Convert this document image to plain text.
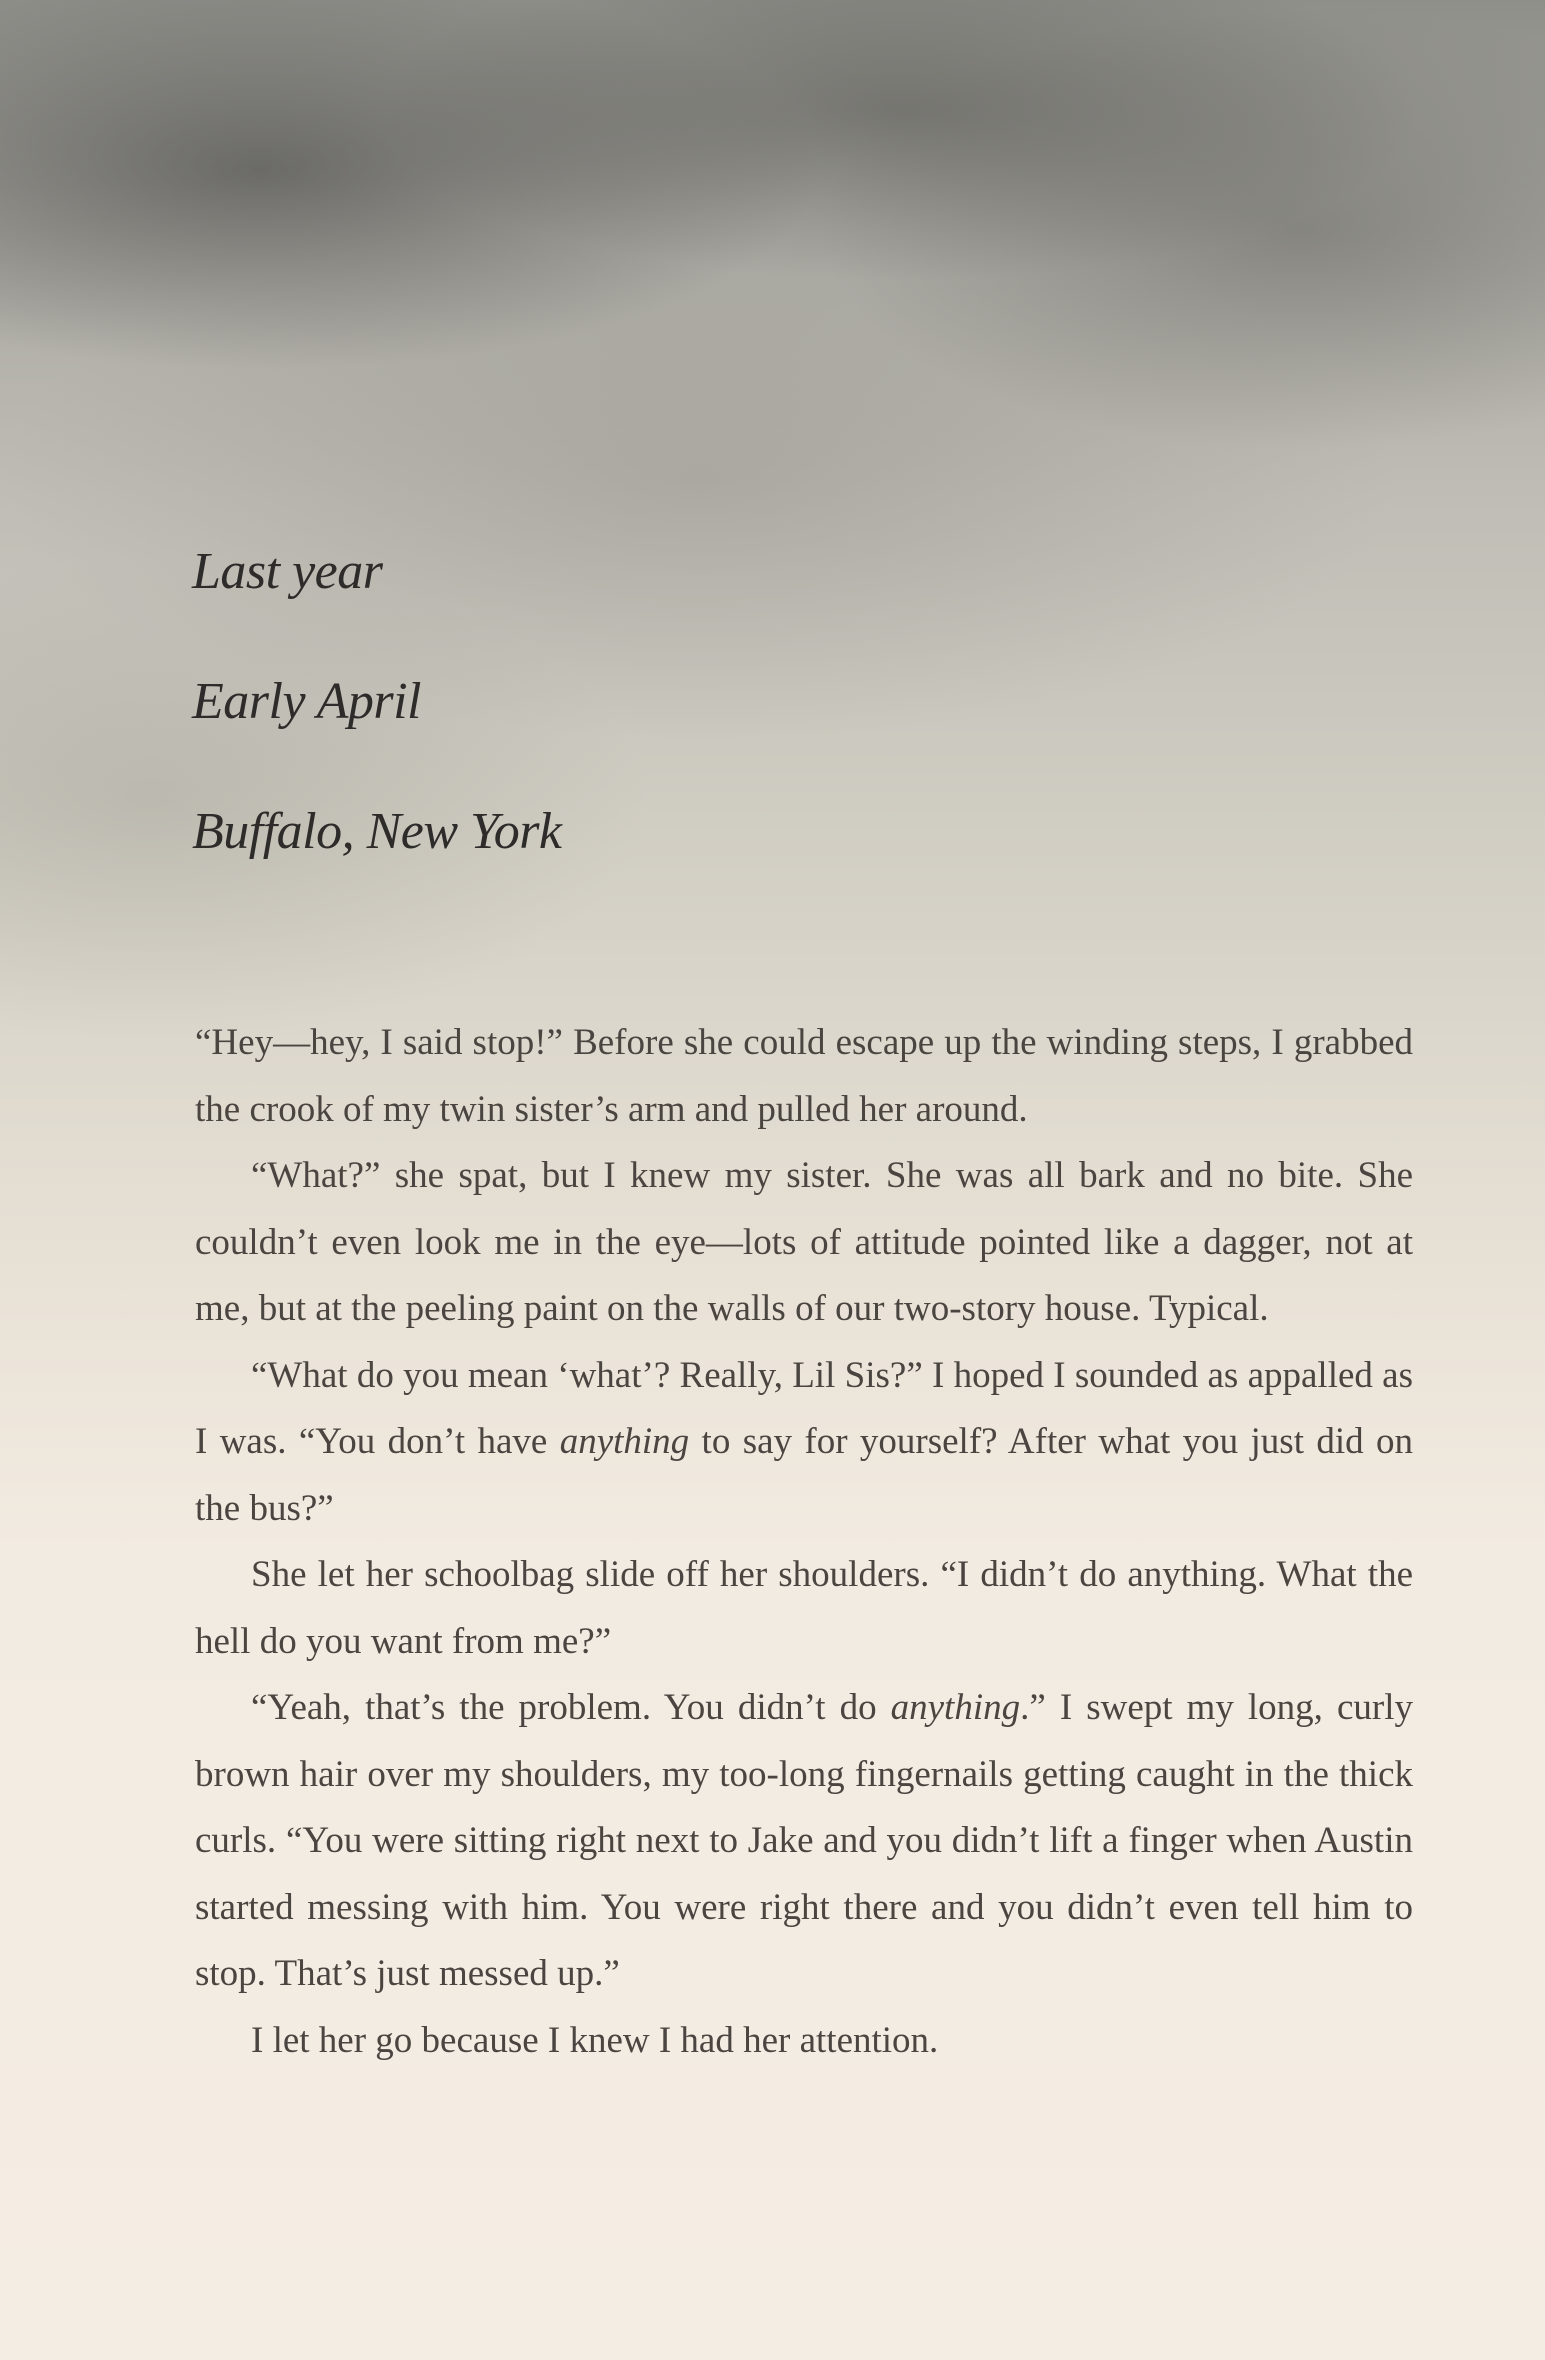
Last year
Early April
Buffalo, New York

“Hey—hey, I said stop!” Before she could escape up the winding steps, I grabbed the crook of my twin sister’s arm and pulled her around.

“What?” she spat, but I knew my sister. She was all bark and no bite. She couldn’t even look me in the eye—lots of attitude pointed like a dagger, not at me, but at the peeling paint on the walls of our two-story house. Typical.

“What do you mean ‘what’? Really, Lil Sis?” I hoped I sounded as appalled as I was. “You don’t have anything to say for yourself? After what you just did on the bus?”

She let her schoolbag slide off her shoulders. “I didn’t do anything. What the hell do you want from me?”

“Yeah, that’s the problem. You didn’t do anything.” I swept my long, curly brown hair over my shoulders, my too-long fingernails getting caught in the thick curls. “You were sitting right next to Jake and you didn’t lift a finger when Austin started messing with him. You were right there and you didn’t even tell him to stop. That’s just messed up.”

I let her go because I knew I had her attention.
